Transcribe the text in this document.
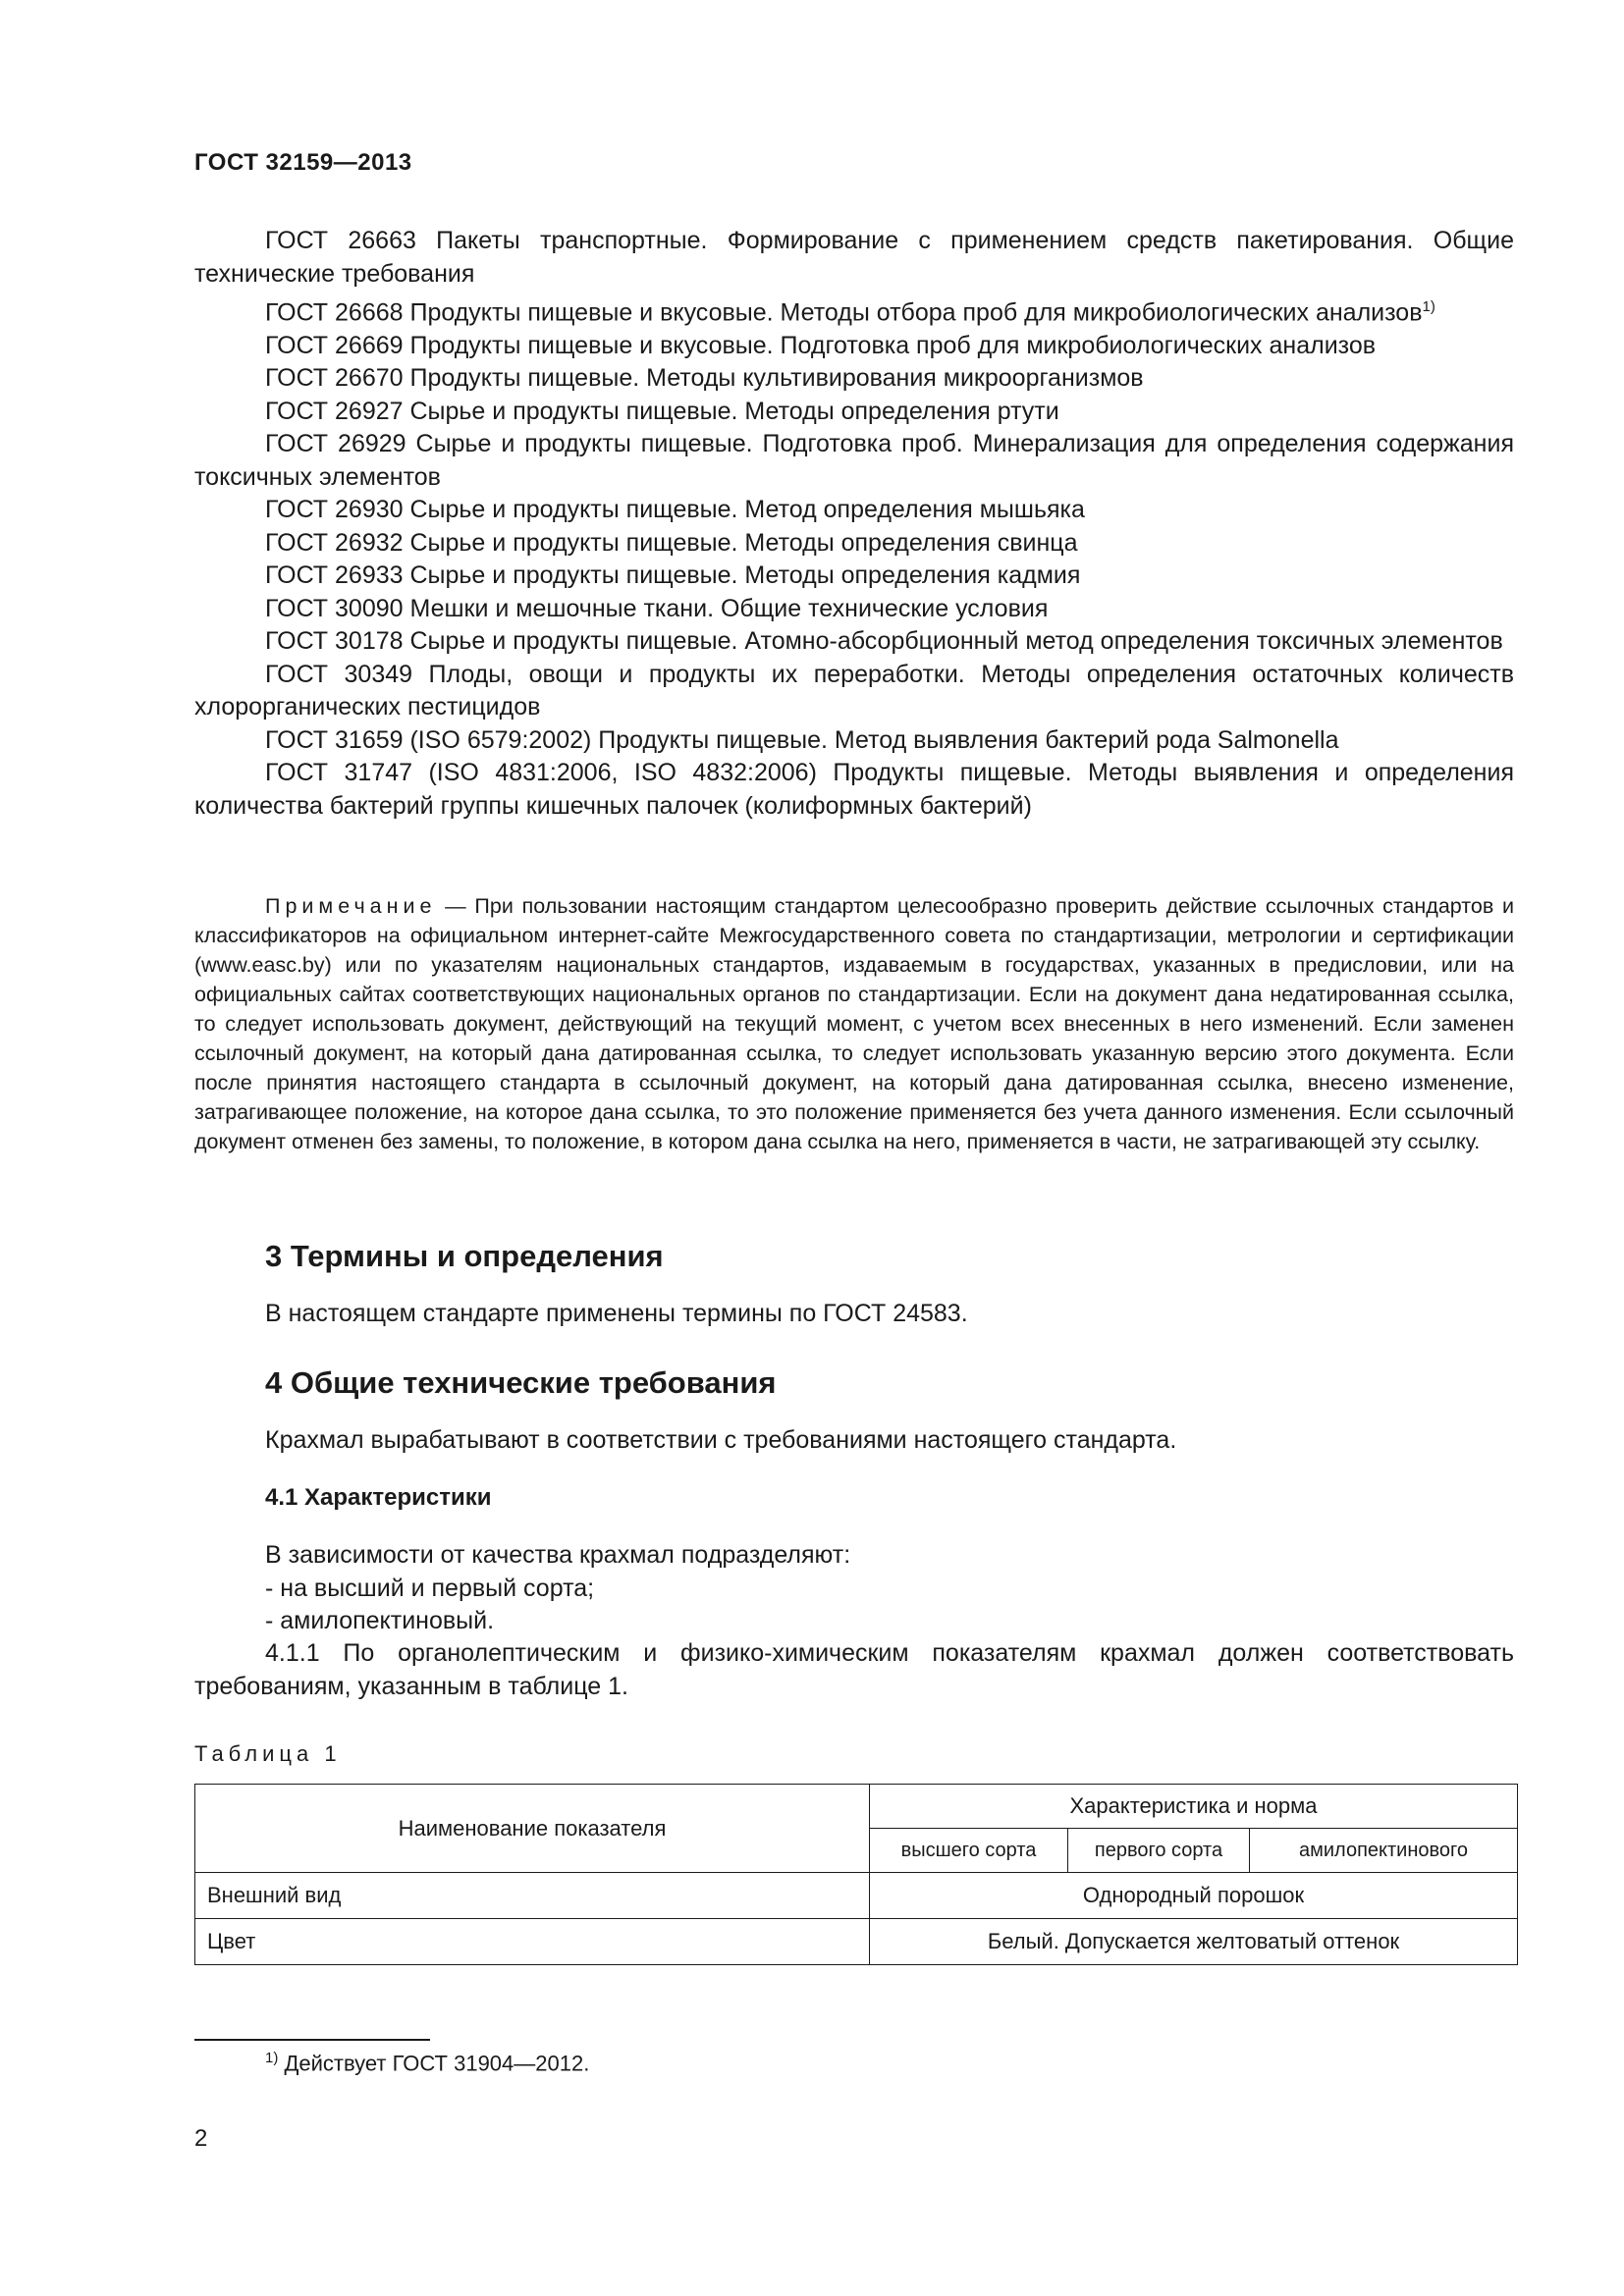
ГОСТ 32159—2013

ГОСТ 26663 Пакеты транспортные. Формирование с применением средств пакетирования. Общие технические требования

ГОСТ 26668 Продукты пищевые и вкусовые. Методы отбора проб для микробиологических анализов$^{1)}$

ГОСТ 26669 Продукты пищевые и вкусовые. Подготовка проб для микробиологических анализов

ГОСТ 26670 Продукты пищевые. Методы культивирования микроорганизмов

ГОСТ 26927 Сырье и продукты пищевые. Методы определения ртути

ГОСТ 26929 Сырье и продукты пищевые. Подготовка проб. Минерализация для определения содержания токсичных элементов

ГОСТ 26930 Сырье и продукты пищевые. Метод определения мышьяка

ГОСТ 26932 Сырье и продукты пищевые. Методы определения свинца

ГОСТ 26933 Сырье и продукты пищевые. Методы определения кадмия

ГОСТ 30090 Мешки и мешочные ткани. Общие технические условия

ГОСТ 30178 Сырье и продукты пищевые. Атомно-абсорбционный метод определения токсичных элементов

ГОСТ 30349 Плоды, овощи и продукты их переработки. Методы определения остаточных количеств хлорорганических пестицидов

ГОСТ 31659 (ISO 6579:2002) Продукты пищевые. Метод выявления бактерий рода Salmonella

ГОСТ 31747 (ISO 4831:2006, ISO 4832:2006) Продукты пищевые. Методы выявления и определения количества бактерий группы кишечных палочек (колиформных бактерий)

Примечание — При пользовании настоящим стандартом целесообразно проверить действие ссылочных стандартов и классификаторов на официальном интернет-сайте Межгосударственного совета по стандартизации, метрологии и сертификации (www.easc.by) или по указателям национальных стандартов, издаваемым в государствах, указанных в предисловии, или на официальных сайтах соответствующих национальных органов по стандартизации. Если на документ дана недатированная ссылка, то следует использовать документ, действующий на текущий момент, с учетом всех внесенных в него изменений. Если заменен ссылочный документ, на который дана датированная ссылка, то следует использовать указанную версию этого документа. Если после принятия настоящего стандарта в ссылочный документ, на который дана датированная ссылка, внесено изменение, затрагивающее положение, на которое дана ссылка, то это положение применяется без учета данного изменения. Если ссылочный документ отменен без замены, то положение, в котором дана ссылка на него, применяется в части, не затрагивающей эту ссылку.

3 Термины и определения
В настоящем стандарте применены термины по ГОСТ 24583.
4 Общие технические требования
Крахмал вырабатывают в соответствии с требованиями настоящего стандарта.
4.1 Характеристики
В зависимости от качества крахмал подразделяют:
- на высший и первый сорта;
- амилопектиновый.

4.1.1 По органолептическим и физико-химическим показателям крахмал должен соответствовать требованиям, указанным в таблице 1.

Таблица 1
Наименование показателя	Характеристика и норма		
	высшего сорта	первого сорта	амилопектинового
Внешний вид	Однородный порошок		
Цвет	Белый. Допускается желтоватый оттенок		
$^{1)}$ Действует ГОСТ 31904—2012.
2
